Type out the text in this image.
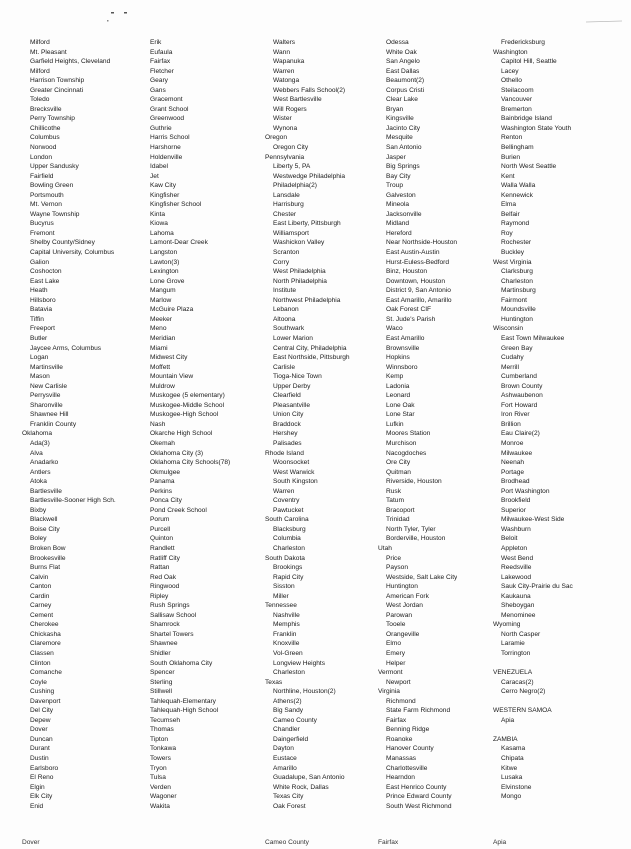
Milford
Mt. Pleasant
Garfield Heights, Cleveland
Milford
Harrison Township
Greater Cincinnati
Toledo
Brecksville
Perry Township
Chillicothe
Columbus
Norwood
London
Upper Sandusky
Fairfield
Bowling Green
Portsmouth
Mt. Vernon
Wayne Township
Bucyrus
Fremont
Shelby County/Sidney
Capital University, Columbus
Galion
Coshocton
East Lake
Heath
Hillsboro
Batavia
Tiffin
Freeport
Butler
Jaycee Arms, Columbus
Logan
Martinsville
Mason
New Carlisle
Perrysville
Sharonville
Shawnee Hill
Franklin County
Oklahoma
Ada(3)
Alva
Anadarko
Antlers
Atoka
Bartlesville
Bartlesville-Sooner High Sch.
Bixby
Blackwell
Boise City
Boley
Broken Bow
Brookesville
Burns Flat
Calvin
Canton
Cardin
Carney
Cement
Cherokee
Chickasha
Claremore
Classen
Clinton
Comanche
Coyle
Cushing
Davenport
Del City
Depew
Dover
Duncan
Durant
Dustin
Earlsboro
El Reno
Elgin
Elk City
Enid
Erik
Eufaula
Fairfax
Fletcher
Geary
Gans
Gracemont
Grant School
Greenwood
Guthrie
Harris School
Harshorne
Holdenville
Idabel
Jet
Kaw City
Kingfisher
Kingfisher School
Kinta
Kiowa
Lahoma
Lamont-Dear Creek
Langston
Lawton(3)
Lexington
Lone Grove
Mangum
Marlow
McGuire Plaza
Meeker
Meno
Meridian
Miami
Midwest City
Moffett
Mountain View
Muldrow
Muskogee (5 elementary)
Muskogee-Middle School
Muskogee-High School
Nash
Okarche High School
Okemah
Oklahoma City (3)
Oklahoma City Schools(78)
Okmulgee
Panama
Perkins
Ponca City
Pond Creek School
Porum
Purcell
Quinton
Randlett
Ratliff City
Rattan
Red Oak
Ringwood
Ripley
Rush Springs
Sallisaw School
Shamrock
Shartel Towers
Shawnee
Shidler
South Oklahoma City
Spencer
Sterling
Stillwell
Tahlequah-Elementary
Tahlequah-High School
Tecumseh
Thomas
Tipton
Tonkawa
Towers
Tryon
Tulsa
Verden
Wagoner
Wakita
Walters
Wann
Wapanuka
Warren
Watonga
Webbers Falls School(2)
West Bartlesville
Will Rogers
Wister
Wynona
Oregon
Oregon City
Pennsylvania
Liberty 5, PA
Westwedge Philadelphia
Philadelphia(2)
Lansdale
Harrisburg
Chester
East Liberty, Pittsburgh
Williamsport
Washickon Valley
Scranton
Corry
West Philadelphia
North Philadelphia
Institute
Northwest Philadelphia
Lebanon
Altoona
Southwark
Lower Marion
Central City, Philadelphia
East Northside, Pittsburgh
Carlisle
Tioga-Nice Town
Upper Derby
Clearfield
Pleasantville
Union City
Braddock
Hershey
Palisades
Rhode Island
Woonsocket
West Warwick
South Kingston
Warren
Coventry
Pawtucket
South Carolina
Blacksburg
Columbia
Charleston
South Dakota
Brookings
Rapid City
Sisston
Miller
Tennessee
Nashville
Memphis
Franklin
Knoxville
Vol-Green
Longview Heights
Charleston
Texas
Northline, Houston(2)
Athens(2)
Big Sandy
Cameo County
Chandler
Daingerfield
Dayton
Eustace
Amarillo
Guadalupe, San Antonio
White Rock, Dallas
Texas City
Oak Forest
Odessa
White Oak
San Angelo
East Dallas
Beaumont(2)
Corpus Cristi
Clear Lake
Bryan
Kingsville
Jacinto City
Mesquite
San Antonio
Jasper
Big Springs
Bay City
Troup
Galveston
Mineola
Jacksonville
Midland
Hereford
Near Northside-Houston
East Austin-Austin
Hurst-Euless-Bedford
Binz, Houston
Downtown, Houston
District 9, San Antonio
East Amarillo, Amarillo
Oak Forest CIF
St. Jude's Parish
Waco
East Amarillo
Brownsville
Hopkins
Winnsboro
Kemp
Ladonia
Leonard
Lone Oak
Lone Star
Lufkin
Moores Station
Murchison
Nacogdoches
Ore City
Quitman
Riverside, Houston
Rusk
Tatum
Bracoport
Trinidad
North Tyler, Tyler
Borderville, Houston
Utah
Price
Payson
Westside, Salt Lake City
Huntington
American Fork
West Jordan
Parowan
Tooele
Orangeville
Elmo
Emery
Helper
Vermont
Newport
Virginia
Richmond
State Farm Richmond
Fairfax
Benning Ridge
Roanoke
Hanover County
Manassas
Charlottesville
Hearndon
East Henrico County
Prince Edward County
South West Richmond
Fredericksburg
Washington
Capitol Hill, Seattle
Lacey
Othello
Steilacoom
Vancouver
Bremerton
Bainbridge Island
Washington State Youth
Renton
Bellingham
Burien
North West Seattle
Kent
Walla Walla
Kennewick
Elma
Belfair
Raymond
Roy
Rochester
Buckley
West Virginia
Clarksburg
Charleston
Martinsburg
Fairmont
Moundsville
Huntington
Wisconsin
East Town Milwaukee
Green Bay
Cudahy
Merrill
Cumberland
Brown County
Ashwaubenon
Fort Howard
Iron River
Brillion
Eau Claire(2)
Monroe
Milwaukee
Neenah
Portage
Brodhead
Port Washington
Brookfield
Superior
Milwaukee-West Side
Washburn
Beloit
Appleton
West Bend
Reedsville
Lakewood
Sauk City-Prairie du Sac
Kaukauna
Sheboygan
Menominee
Wyoming
North Casper
Laramie
Torrington
VENEZUELA
Caracas(2)
Cerro Negro(2)
WESTERN SAMOA
Apia
ZAMBIA
Kasama
Chipata
Kitwe
Lusaka
Elvinstone
Mongo
Dover	Cameo County	Fairfax	Apia
